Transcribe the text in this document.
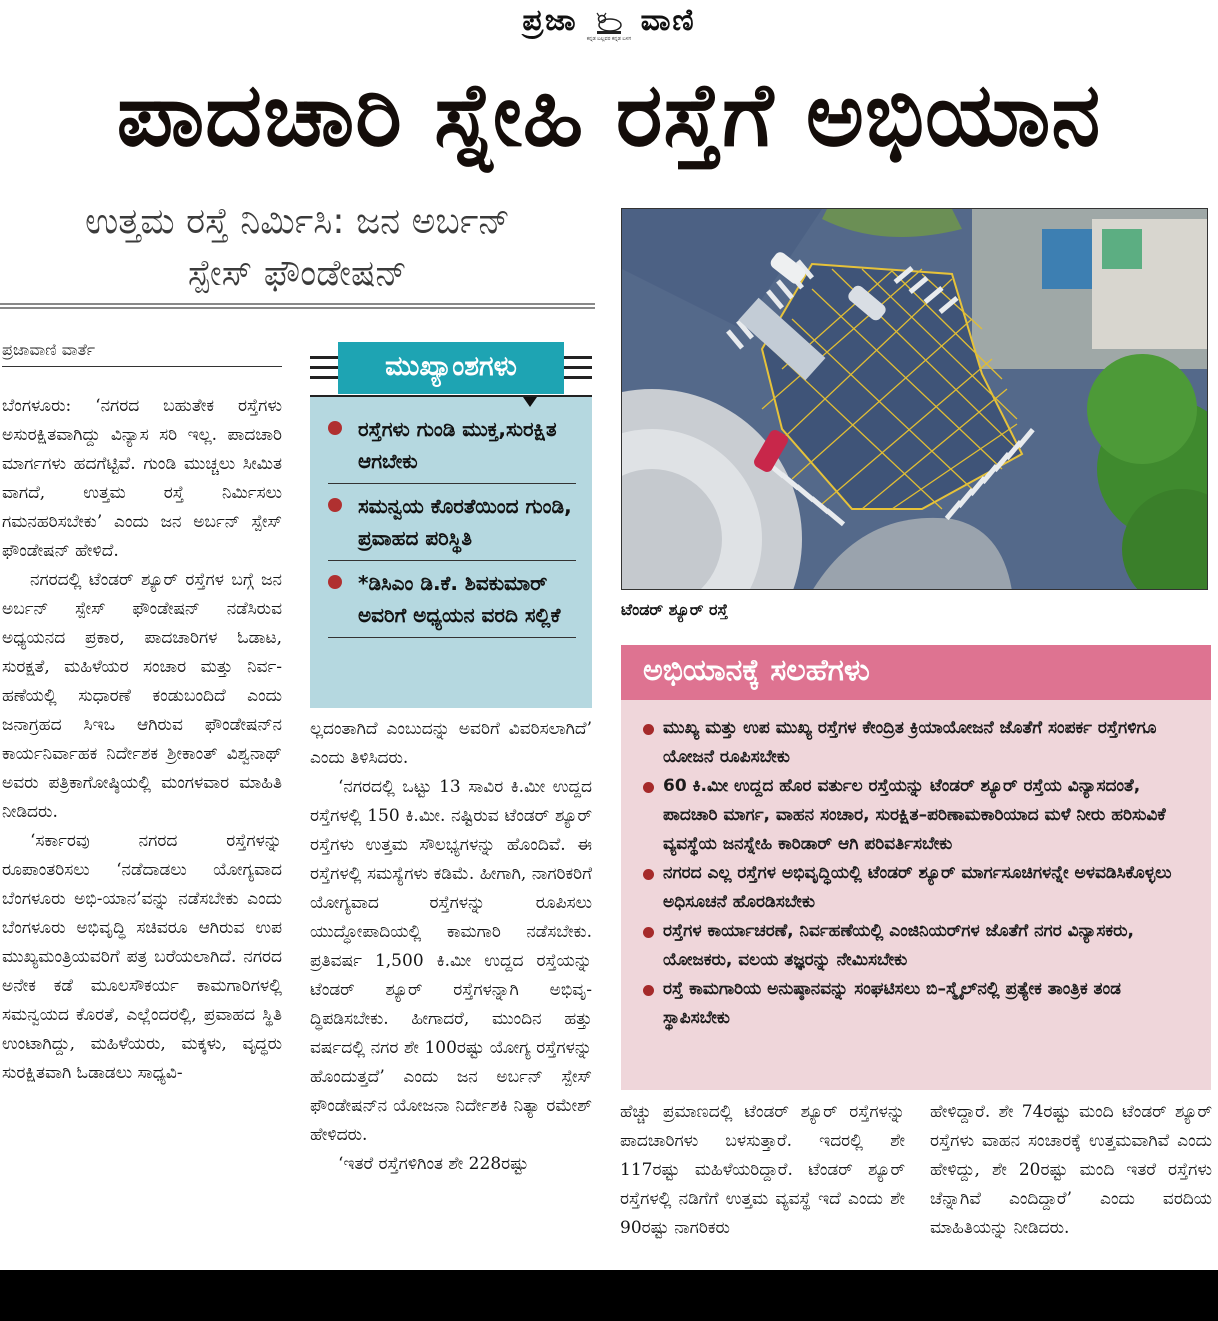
ಪ್ರಜಾ ವಾಣಿ
ಕನ್ನಡ ಬಲ್ಲವರ ಕನ್ನಡ ಬಳಗ
ಪಾದಚಾರಿ ಸ್ನೇಹಿ ರಸ್ತೆಗೆ ಅಭಿಯಾನ
ಉತ್ತಮ ರಸ್ತೆ ನಿರ್ಮಿಸಿ: ಜನ ಅರ್ಬನ್
ಸ್ಪೇಸ್ ಫೌಂಡೇಷನ್
ಪ್ರಜಾವಾಣಿ ವಾರ್ತೆ

ಬೆಂಗಳೂರು: ‘ನಗರದ ಬಹುತೇಕ ರಸ್ತೆಗಳು ಅಸುರಕ್ಷಿತವಾಗಿದ್ದು ವಿನ್ಯಾಸ ಸರಿ ಇಲ್ಲ. ಪಾದಚಾರಿ ಮಾರ್ಗಗಳು ಹದಗೆಟ್ಟಿವೆ. ಗುಂಡಿ ಮುಚ್ಚಲು ಸೀಮಿತ ವಾಗದೆ, ಉತ್ತಮ ರಸ್ತೆ ನಿರ್ಮಿಸಲು ಗಮನಹರಿಸಬೇಕು’ ಎಂದು ಜನ ಅರ್ಬನ್ ಸ್ಪೇಸ್ ಫೌಂಡೇಷನ್ ಹೇಳಿದೆ.

ನಗರದಲ್ಲಿ ಟೆಂಡರ್ ಶ್ಯೂರ್ ರಸ್ತೆಗಳ ಬಗ್ಗೆ ಜನ ಅರ್ಬನ್ ಸ್ಪೇಸ್ ಫೌಂಡೇಷನ್ ನಡೆಸಿರುವ ಅಧ್ಯಯನದ ಪ್ರಕಾರ, ಪಾದಚಾರಿಗಳ ಓಡಾಟ, ಸುರಕ್ಷತೆ, ಮಹಿಳೆಯರ ಸಂಚಾರ ಮತ್ತು ನಿರ್ವ-ಹಣೆಯಲ್ಲಿ ಸುಧಾರಣೆ ಕಂಡುಬಂದಿದೆ ಎಂದು ಜನಾಗ್ರಹದ ಸಿಇಒ ಆಗಿರುವ ಫೌಂಡೇಷನ್‌ನ ಕಾರ್ಯನಿರ್ವಾಹಕ ನಿರ್ದೇಶಕ ಶ್ರೀಕಾಂತ್ ವಿಶ್ವನಾಥ್ ಅವರು ಪತ್ರಿಕಾಗೋಷ್ಠಿಯಲ್ಲಿ ಮಂಗಳವಾರ ಮಾಹಿತಿ ನೀಡಿದರು.

‘ಸರ್ಕಾರವು ನಗರದ ರಸ್ತೆಗಳನ್ನು ರೂಪಾಂತರಿಸಲು ‘ನಡೆದಾಡಲು ಯೋಗ್ಯವಾದ ಬೆಂಗಳೂರು ಅಭಿ-ಯಾನ’ವನ್ನು ನಡೆಸಬೇಕು ಎಂದು ಬೆಂಗಳೂರು ಅಭಿವೃದ್ಧಿ ಸಚಿವರೂ ಆಗಿರುವ ಉಪ ಮುಖ್ಯಮಂತ್ರಿಯವರಿಗೆ ಪತ್ರ ಬರೆಯಲಾಗಿದೆ. ನಗರದ ಅನೇಕ ಕಡೆ ಮೂಲಸೌಕರ್ಯ ಕಾಮಗಾರಿಗಳಲ್ಲಿ ಸಮನ್ವಯದ ಕೊರತೆ, ಎಲ್ಲೆಂದರಲ್ಲಿ, ಪ್ರವಾಹದ ಸ್ಥಿತಿ ಉಂಟಾಗಿದ್ದು, ಮಹಿಳೆಯರು, ಮಕ್ಕಳು, ವೃದ್ಧರು ಸುರಕ್ಷಿತವಾಗಿ ಓಡಾಡಲು ಸಾಧ್ಯವಿ-

ಮುಖ್ಯಾಂಶಗಳು
ರಸ್ತೆಗಳು ಗುಂಡಿ ಮುಕ್ತ,ಸುರಕ್ಷಿತ ಆಗಬೇಕು
ಸಮನ್ವಯ ಕೊರತೆಯಿಂದ ಗುಂಡಿ, ಪ್ರವಾಹದ ಪರಿಸ್ಥಿತಿ
*ಡಿಸಿಎಂ ಡಿ.ಕೆ. ಶಿವಕುಮಾರ್ ಅವರಿಗೆ ಅಧ್ಯಯನ ವರದಿ ಸಲ್ಲಿಕೆ

ಲ್ಲದಂತಾಗಿದೆ ಎಂಬುದನ್ನು ಅವರಿಗೆ ವಿವರಿಸಲಾಗಿದೆ’ ಎಂದು ತಿಳಿಸಿದರು.

‘ನಗರದಲ್ಲಿ ಒಟ್ಟು 13 ಸಾವಿರ ಕಿ.ಮೀ ಉದ್ದದ ರಸ್ತೆಗಳಲ್ಲಿ 150 ಕಿ.ಮೀ. ನಷ್ಟಿರುವ ಟೆಂಡರ್ ಶ್ಯೂರ್ ರಸ್ತೆಗಳು ಉತ್ತಮ ಸೌಲಭ್ಯಗಳನ್ನು ಹೊಂದಿವೆ. ಈ ರಸ್ತೆಗಳಲ್ಲಿ ಸಮಸ್ಯೆಗಳು ಕಡಿಮೆ. ಹೀಗಾಗಿ, ನಾಗರಿಕರಿಗೆ ಯೋಗ್ಯವಾದ ರಸ್ತೆಗಳನ್ನು ರೂಪಿಸಲು ಯುದ್ಧೋಪಾದಿಯಲ್ಲಿ ಕಾಮಗಾರಿ ನಡೆಸಬೇಕು. ಪ್ರತಿವರ್ಷ 1,500 ಕಿ.ಮೀ ಉದ್ದದ ರಸ್ತೆಯನ್ನು ಟೆಂಡರ್ ಶ್ಯೂರ್ ರಸ್ತೆಗಳನ್ನಾಗಿ ಅಭಿವೃ-ದ್ಧಿಪಡಿಸಬೇಕು. ಹೀಗಾದರೆ, ಮುಂದಿನ ಹತ್ತು ವರ್ಷದಲ್ಲಿ ನಗರ ಶೇ 100ರಷ್ಟು ಯೋಗ್ಯ ರಸ್ತೆಗಳನ್ನು ಹೊಂದುತ್ತದೆ’ ಎಂದು ಜನ ಅರ್ಬನ್ ಸ್ಪೇಸ್ ಫೌಂಡೇಷನ್‌ನ ಯೋಜನಾ ನಿರ್ದೇಶಕಿ ನಿತ್ಯಾ ರಮೇಶ್ ಹೇಳಿದರು.

‘ಇತರೆ ರಸ್ತೆಗಳಿಗಿಂತ ಶೇ 228ರಷ್ಟು

ಟೆಂಡರ್ ಶ್ಯೂರ್ ರಸ್ತೆ
ಅಭಿಯಾನಕ್ಕೆ ಸಲಹೆಗಳು
ಮುಖ್ಯ ಮತ್ತು ಉಪ ಮುಖ್ಯ ರಸ್ತೆಗಳ ಕೇಂದ್ರಿತ ಕ್ರಿಯಾಯೋಜನೆ ಜೊತೆಗೆ ಸಂಪರ್ಕ ರಸ್ತೆಗಳಿಗೂ ಯೋಜನೆ ರೂಪಿಸಬೇಕು
60 ಕಿ.ಮೀ ಉದ್ದದ ಹೊರ ವರ್ತುಲ ರಸ್ತೆಯನ್ನು ಟೆಂಡರ್ ಶ್ಯೂರ್ ರಸ್ತೆಯ ವಿನ್ಯಾಸದಂತೆ, ಪಾದಚಾರಿ ಮಾರ್ಗ, ವಾಹನ ಸಂಚಾರ, ಸುರಕ್ಷಿತ–ಪರಿಣಾಮಕಾರಿಯಾದ ಮಳೆ ನೀರು ಹರಿಸುವಿಕೆ ವ್ಯವಸ್ಥೆಯ ಜನಸ್ನೇಹಿ ಕಾರಿಡಾರ್ ಆಗಿ ಪರಿವರ್ತಿಸಬೇಕು
ನಗರದ ಎಲ್ಲ ರಸ್ತೆಗಳ ಅಭಿವೃದ್ಧಿಯಲ್ಲಿ ಟೆಂಡರ್ ಶ್ಯೂರ್ ಮಾರ್ಗಸೂಚಿಗಳನ್ನೇ ಅಳವಡಿಸಿಕೊಳ್ಳಲು ಅಧಿಸೂಚನೆ ಹೊರಡಿಸಬೇಕು
ರಸ್ತೆಗಳ ಕಾರ್ಯಾಚರಣೆ, ನಿರ್ವಹಣೆಯಲ್ಲಿ ಎಂಜಿನಿಯರ್‌ಗಳ ಜೊತೆಗೆ ನಗರ ವಿನ್ಯಾಸಕರು, ಯೋಜಕರು, ವಲಯ ತಜ್ಞರನ್ನು ನೇಮಿಸಬೇಕು
ರಸ್ತೆ ಕಾಮಗಾರಿಯ ಅನುಷ್ಠಾನವನ್ನು ಸಂಘಟಿಸಲು ಬಿ–ಸ್ಮೈಲ್‌ನಲ್ಲಿ ಪ್ರತ್ಯೇಕ ತಾಂತ್ರಿಕ ತಂಡ ಸ್ಥಾಪಿಸಬೇಕು

ಹೆಚ್ಚು ಪ್ರಮಾಣದಲ್ಲಿ ಟೆಂಡರ್ ಶ್ಯೂರ್ ರಸ್ತೆಗಳನ್ನು ಪಾದಚಾರಿಗಳು ಬಳಸುತ್ತಾರೆ. ಇದರಲ್ಲಿ ಶೇ 117ರಷ್ಟು ಮಹಿಳೆಯರಿದ್ದಾರೆ. ಟೆಂಡರ್ ಶ್ಯೂರ್ ರಸ್ತೆಗಳಲ್ಲಿ ನಡಿಗೆಗೆ ಉತ್ತಮ ವ್ಯವಸ್ಥೆ ಇದೆ ಎಂದು ಶೇ 90ರಷ್ಟು ನಾಗರಿಕರು

ಹೇಳಿದ್ದಾರೆ. ಶೇ 74ರಷ್ಟು ಮಂದಿ ಟೆಂಡರ್ ಶ್ಯೂರ್ ರಸ್ತೆಗಳು ವಾಹನ ಸಂಚಾರಕ್ಕೆ ಉತ್ತಮವಾಗಿವೆ ಎಂದು ಹೇಳಿದ್ದು, ಶೇ 20ರಷ್ಟು ಮಂದಿ ಇತರೆ ರಸ್ತೆಗಳು ಚೆನ್ನಾಗಿವೆ ಎಂದಿದ್ದಾರೆ’ ಎಂದು ವರದಿಯ ಮಾಹಿತಿಯನ್ನು ನೀಡಿದರು.
